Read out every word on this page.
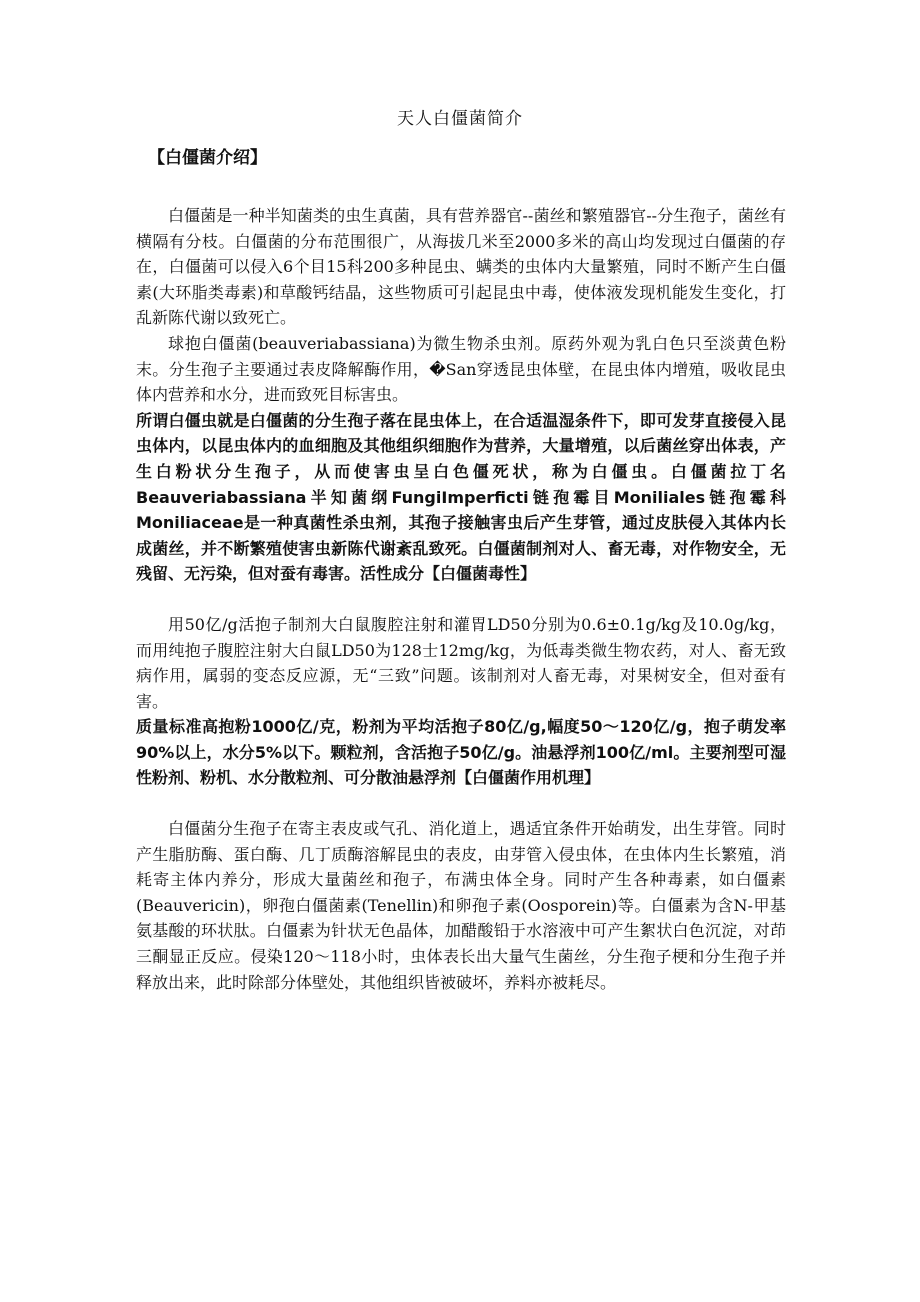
天人白僵菌简介
【白僵菌介绍】

白僵菌是一种半知菌类的虫生真菌，具有营养器官--菌丝和繁殖器官--分生孢子，菌丝有横隔有分枝。白僵菌的分布范围很广，从海拔几米至2000多米的高山均发现过白僵菌的存在，白僵菌可以侵入6个目15科200多种昆虫、螨类的虫体内大量繁殖，同时不断产生白僵素(大环脂类毒素)和草酸钙结晶，这些物质可引起昆虫中毒，使体液发现机能发生变化，打乱新陈代谢以致死亡。

球抱白僵菌(beauveriabassiana)为微生物杀虫剂。原药外观为乳白色只至淡黄色粉末。分生孢子主要通过表皮降解酶作用，�San穿透昆虫体壁，在昆虫体内增殖，吸收昆虫体内营养和水分，进而致死目标害虫。

所谓白僵虫就是白僵菌的分生孢子落在昆虫体上，在合适温湿条件下，即可发芽直接侵入昆虫体内，以昆虫体内的血细胞及其他组织细胞作为营养，大量增殖，以后菌丝穿出体表，产生白粉状分生孢子，从而使害虫呈白色僵死状，称为白僵虫。白僵菌拉丁名Beauveriabassiana半知菌纲FungiImperficti链孢霉目Moniliales链孢霉科Moniliaceae是一种真菌性杀虫剂，其孢子接触害虫后产生芽管，通过皮肤侵入其体内长成菌丝，并不断繁殖使害虫新陈代谢紊乱致死。白僵菌制剂对人、畜无毒，对作物安全，无残留、无污染，但对蚕有毒害。活性成分【白僵菌毒性】

用50亿/g活抱子制剂大白鼠腹腔注射和灌胃LD50分别为0.6±0.1g/kg及10.0g/kg，而用纯抱子腹腔注射大白鼠LD50为128士12mg/kg，为低毒类微生物农药，对人、畜无致病作用，属弱的变态反应源，无“三致”问题。该制剂对人畜无毒，对果树安全，但对蚕有害。

质量标准高抱粉1000亿/克，粉剂为平均活抱子80亿/g,幅度50～120亿/g，抱子萌发率90%以上，水分5%以下。颗粒剂，含活抱子50亿/g。油悬浮剂100亿/ml。主要剂型可湿性粉剂、粉机、水分散粒剂、可分散油悬浮剂【白僵菌作用机理】

白僵菌分生孢子在寄主表皮或气孔、消化道上，遇适宜条件开始萌发，出生芽管。同时产生脂肪酶、蛋白酶、几丁质酶溶解昆虫的表皮，由芽管入侵虫体，在虫体内生长繁殖，消耗寄主体内养分，形成大量菌丝和孢子，布满虫体全身。同时产生各种毒素，如白僵素(Beauvericin)，卵孢白僵菌素(Tenellin)和卵孢子素(Oosporein)等。白僵素为含N-甲基氨基酸的环状肽。白僵素为针状无色晶体，加醋酸铅于水溶液中可产生絮状白色沉淀，对茚三酮显正反应。侵染120～118小时，虫体表长出大量气生菌丝，分生孢子梗和分生孢子并释放出来，此时除部分体壁处，其他组织皆被破坏，养料亦被耗尽。
